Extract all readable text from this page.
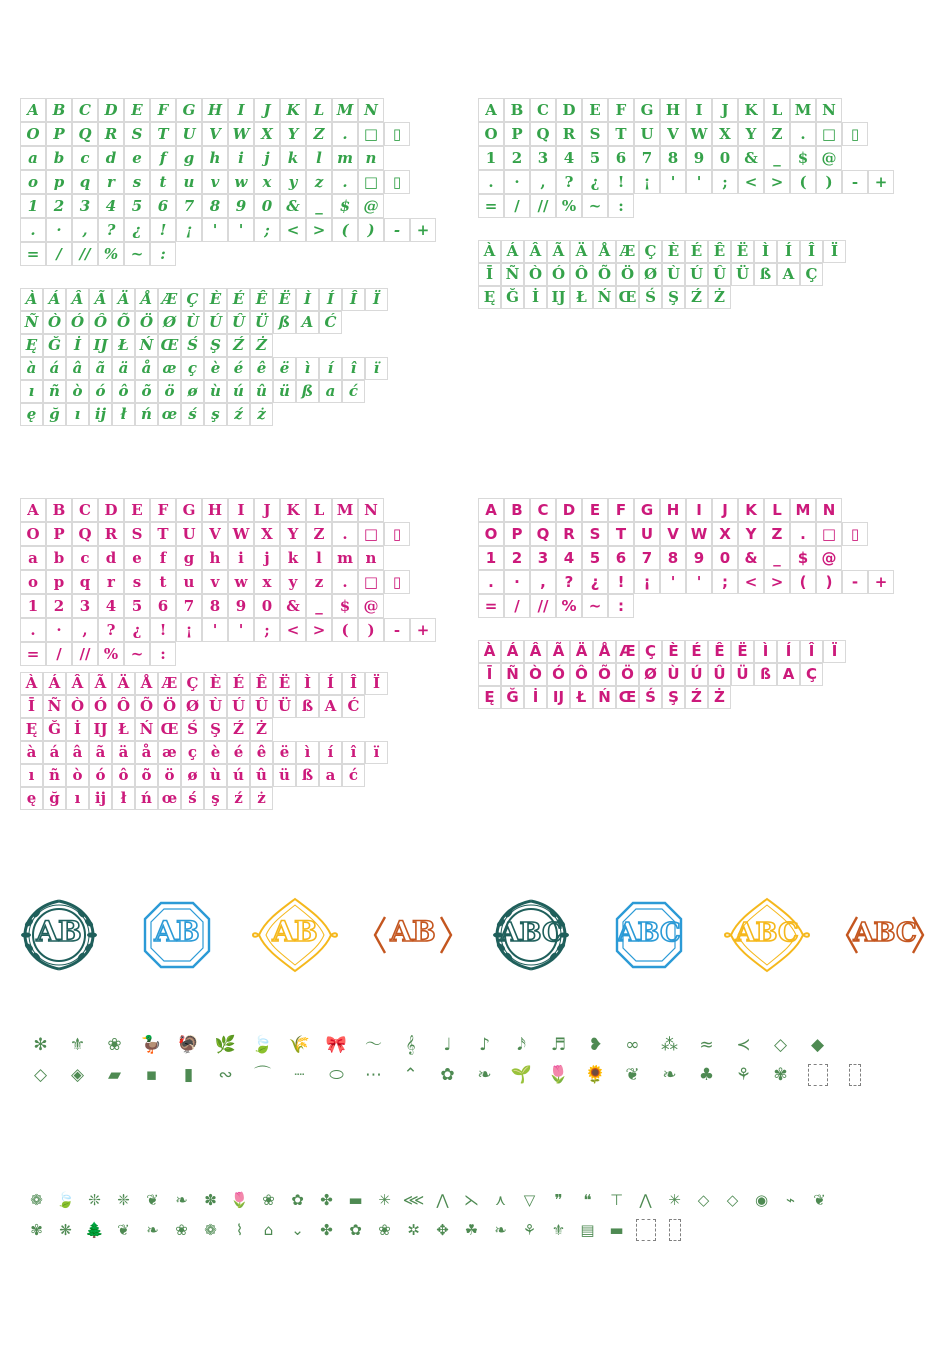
A B C D E F G H	I	J	K L M N
O P Q R S T U V W X Y	Z	.	□ ▯
a	b	c	d	e	f	g	h	i	j	k	l	m n
o	p	q	r	s	t	u	v	w	x	y	z	.	□ ▯
1	2	3	4	5	6	7	8	9	0 &	_	$ @
.	·	,	?	¿	!	¡	'	'	;	< >	(	)	-	+
=	/	// % ~	:
À Á Â Ã Ä Å Æ Ç È É Ê Ë Ì	Í	Î	Ï
Ñ Ò Ó Ô Õ Ö Ø Ù Ú Û Ü ß A Ć
Ę Ğ İ IJ Ł Ń Œ Ś Ş Ź Ż
à á â ã ä å æ ç è é ê ë	ì	í	î	ï
ı ñ ò ó ô õ ö ø ù ú û ü ß a ć
ę ğ ı ij ł ń œ ś ş ź ż
A B C D E F G H	I	J	K L M N
O P Q R S T U V W X Y	Z	.	□ ▯
1	2	3	4	5	6	7	8	9	0 &	_	$ @
.	·	,	?	¿	!	¡	'	'	;	< >	(	)	-	+
=	/	// % ~	:
À Á Â Ã Ä Å Æ Ç È É Ê Ë Ì	Í	Î	Ï
Ī Ñ Ò Ó Ô Õ Ö Ø Ù Ú Û Ü ß A Ç
Ę Ğ İ IJ Ł Ń Œ Ś Ş Ź Ż
A B C D E F G H	I	J	K L M N
O P Q R S T U V W X Y	Z	.	□ ▯
a	b	c	d	e	f	g	h	i	j	k	l	m n
o	p	q	r	s	t	u	v	w	x	y	z	.	□ ▯
1	2	3	4	5	6	7	8	9	0 &	_	$ @
.	·	,	?	¿	!	¡	'	'	;	< >	(	)	-	+
=	/	// % ~	:
À Á Â Ã Ä Å Æ Ç È É Ê Ë Ì	Í	Î	Ï
Ī Ñ Ò Ó Ô Õ Ö Ø Ù Ú Û Ü ß A Ć
Ę Ğ İ IJ Ł Ń Œ Ś Ş Ź Ż
à á â ã ä å æ ç è é ê ë	ì	í	î	ï
ı ñ ò ó ô õ ö ø ù ú û ü ß a ć
ę ğ ı ij ł ń œ ś ş ź ż
A B C D E	F G H	I	J	K	L M N
O P Q R S	T U V W X Y	Z	.	□ ▯
1	2	3	4	5	6	7	8	9	0 &	_	$ @
.	·	,	?	¿	!	¡	'	'	;	< >	(	)	-	+
=	/	// % ~	:
À Á Â Ã Ä Å Æ Ç È É Ê Ë	Ì	Í	Î	Ï
Ī Ñ Ò Ó Ô Õ Ö Ø Ù Ú Û Ü ß A Ç
Ę Ğ İ IJ Ł Ń Œ Ś Ş Ź Ż
AB	AB	AB	AB ABC ABC ABC ABC
✻	⚜	❀	🦆 🦃 🌿 🍃 🌾 🎀	〜	𝄞	♩	♪	𝅘𝅥𝅯	♬	❥	∞	⁂	≈	≺	◇	◆
◇	◈	▰	▪	▮	∾	⌒	┈	⬭	⋯	⌃	✿	❧	🌱 🌷 🌻	❦	❧	♣	⚘	✾
❁ 🍃 ❊	❈	❦	❧	✽ 🌷 ❀	✿	✤	▬	✳ ⋘ ⋀	⋋	⋏	▽	❞	❝	⊤	⋀	✳	◇	◇	◉	⌁	❦
✾	❋ 🌲 ❦	❧	❀	❁	⌇	⌂	⌄	✤	✿	❀	✲	✥	☘	❧	⚘	⚜	▤ ▬
